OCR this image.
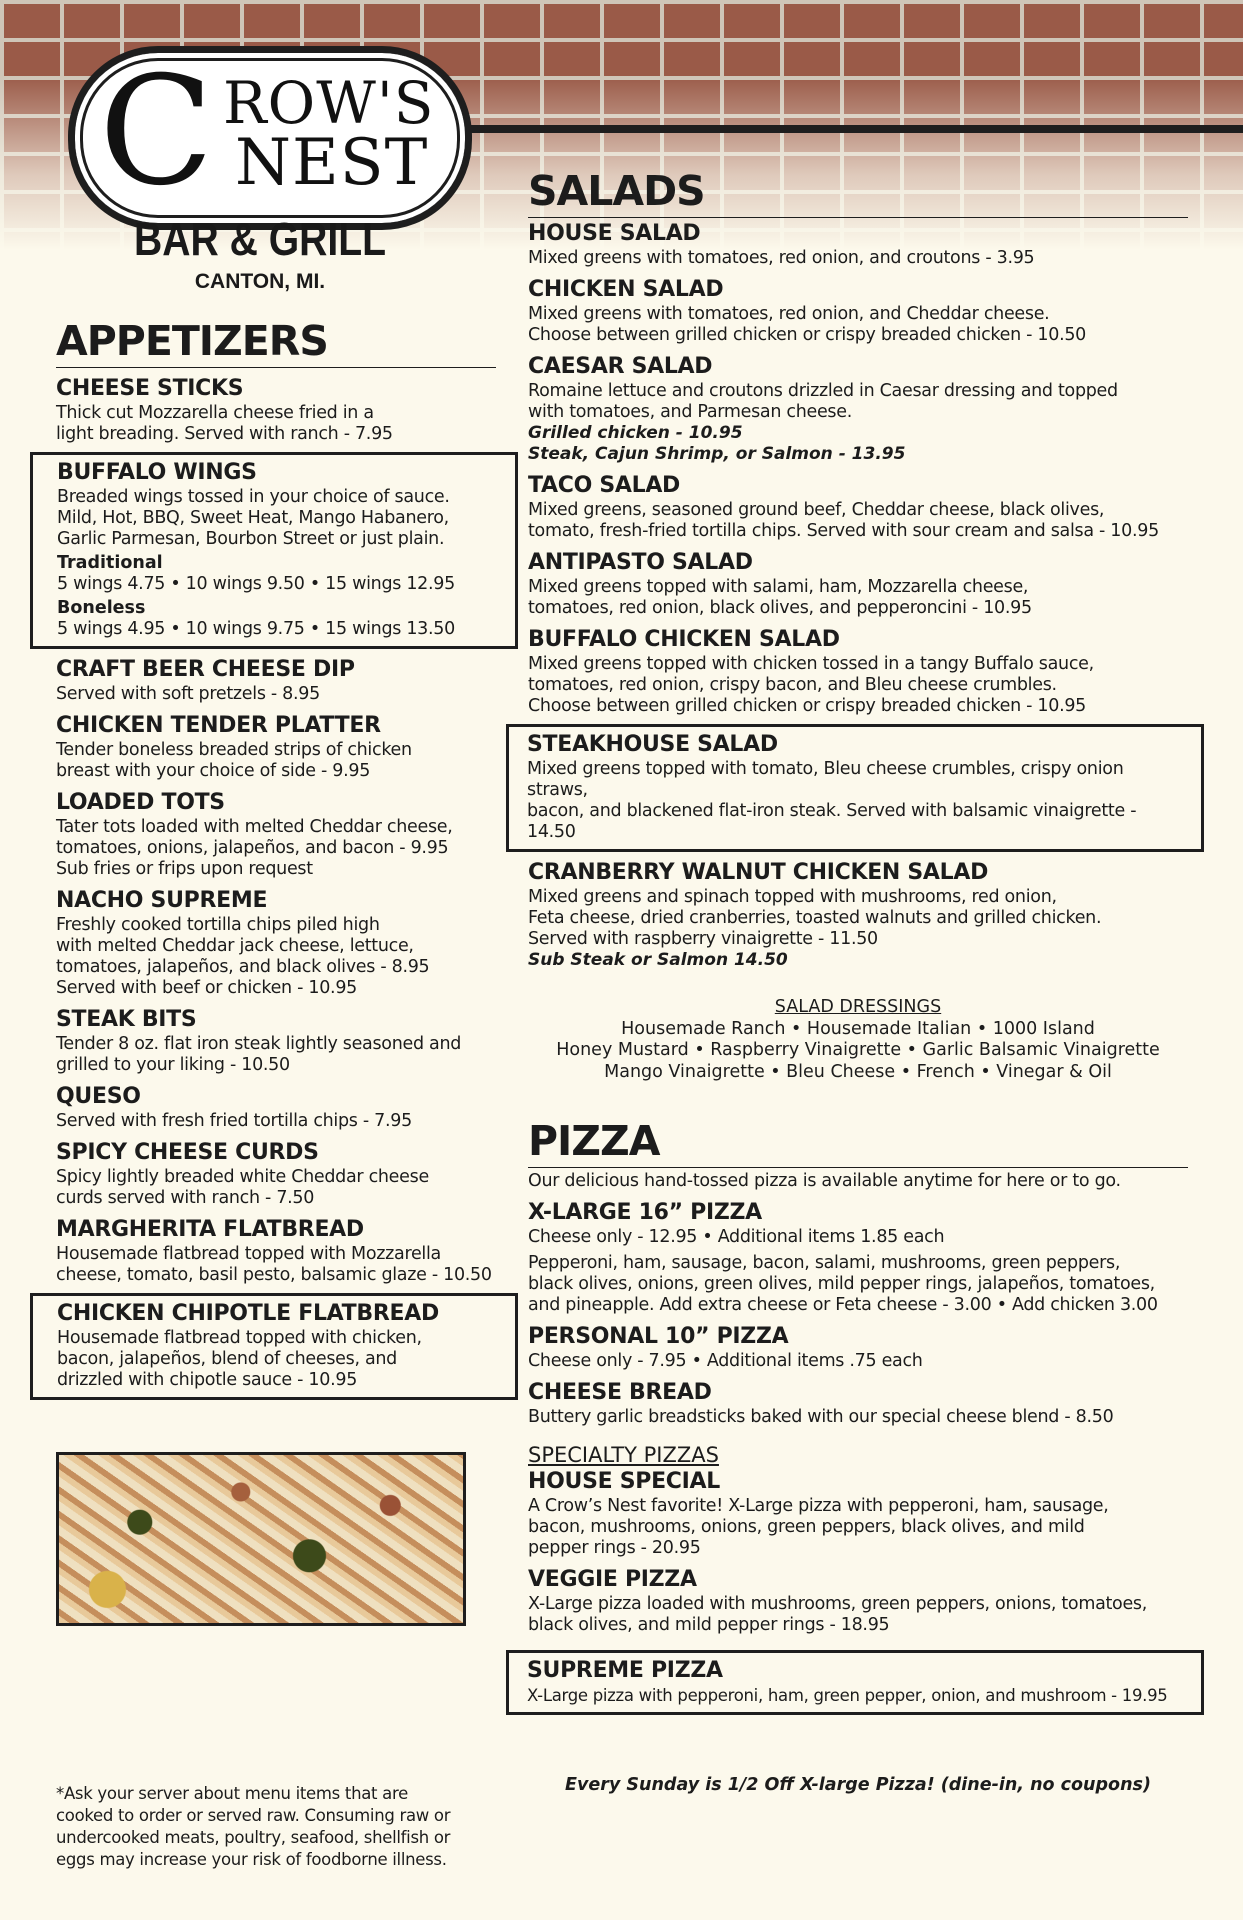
C ROW'S
NEST
BAR & GRILL
CANTON, MI.
APPETIZERS
CHEESE STICKS
Thick cut Mozzarella cheese fried in a
light breading. Served with ranch - 7.95
BUFFALO WINGS
Breaded wings tossed in your choice of sauce.
Mild, Hot, BBQ, Sweet Heat, Mango Habanero,
Garlic Parmesan, Bourbon Street or just plain.
Traditional
5 wings 4.75 • 10 wings 9.50 • 15 wings 12.95
Boneless
5 wings 4.95 • 10 wings 9.75 • 15 wings 13.50
CRAFT BEER CHEESE DIP
Served with soft pretzels - 8.95
CHICKEN TENDER PLATTER
Tender boneless breaded strips of chicken
breast with your choice of side - 9.95
LOADED TOTS
Tater tots loaded with melted Cheddar cheese,
tomatoes, onions, jalapeños, and bacon - 9.95
Sub fries or frips upon request
NACHO SUPREME
Freshly cooked tortilla chips piled high
with melted Cheddar jack cheese, lettuce,
tomatoes, jalapeños, and black olives - 8.95
Served with beef or chicken - 10.95
STEAK BITS
Tender 8 oz. flat iron steak lightly seasoned and
grilled to your liking - 10.50
QUESO
Served with fresh fried tortilla chips - 7.95
SPICY CHEESE CURDS
Spicy lightly breaded white Cheddar cheese
curds served with ranch - 7.50
MARGHERITA FLATBREAD
Housemade flatbread topped with Mozzarella
cheese, tomato, basil pesto, balsamic glaze - 10.50
CHICKEN CHIPOTLE FLATBREAD
Housemade flatbread topped with chicken,
bacon, jalapeños, blend of cheeses, and
drizzled with chipotle sauce - 10.95
*Ask your server about menu items that are
cooked to order or served raw. Consuming raw or
undercooked meats, poultry, seafood, shellfish or
eggs may increase your risk of foodborne illness.
SALADS
HOUSE SALAD
Mixed greens with tomatoes, red onion, and croutons - 3.95
CHICKEN SALAD
Mixed greens with tomatoes, red onion, and Cheddar cheese.
Choose between grilled chicken or crispy breaded chicken - 10.50
CAESAR SALAD
Romaine lettuce and croutons drizzled in Caesar dressing and topped
with tomatoes, and Parmesan cheese.
Grilled chicken - 10.95
Steak, Cajun Shrimp, or Salmon - 13.95
TACO SALAD
Mixed greens, seasoned ground beef, Cheddar cheese, black olives,
tomato, fresh-fried tortilla chips. Served with sour cream and salsa - 10.95
ANTIPASTO SALAD
Mixed greens topped with salami, ham, Mozzarella cheese,
tomatoes, red onion, black olives, and pepperoncini - 10.95
BUFFALO CHICKEN SALAD
Mixed greens topped with chicken tossed in a tangy Buffalo sauce,
tomatoes, red onion, crispy bacon, and Bleu cheese crumbles.
Choose between grilled chicken or crispy breaded chicken - 10.95
STEAKHOUSE SALAD
Mixed greens topped with tomato, Bleu cheese crumbles, crispy onion straws,
bacon, and blackened flat-iron steak. Served with balsamic vinaigrette - 14.50
CRANBERRY WALNUT CHICKEN SALAD
Mixed greens and spinach topped with mushrooms, red onion,
Feta cheese, dried cranberries, toasted walnuts and grilled chicken.
Served with raspberry vinaigrette - 11.50
Sub Steak or Salmon 14.50
SALAD DRESSINGS
Housemade Ranch • Housemade Italian • 1000 Island
Honey Mustard • Raspberry Vinaigrette • Garlic Balsamic Vinaigrette
Mango Vinaigrette • Bleu Cheese • French • Vinegar & Oil
PIZZA
Our delicious hand-tossed pizza is available anytime for here or to go.
X-LARGE 16” PIZZA
Cheese only - 12.95 • Additional items 1.85 each
Pepperoni, ham, sausage, bacon, salami, mushrooms, green peppers,
black olives, onions, green olives, mild pepper rings, jalapeños, tomatoes,
and pineapple. Add extra cheese or Feta cheese - 3.00 • Add chicken 3.00
PERSONAL 10” PIZZA
Cheese only - 7.95 • Additional items .75 each
CHEESE BREAD
Buttery garlic breadsticks baked with our special cheese blend - 8.50
SPECIALTY PIZZAS
HOUSE SPECIAL
A Crow’s Nest favorite! X-Large pizza with pepperoni, ham, sausage,
bacon, mushrooms, onions, green peppers, black olives, and mild
pepper rings - 20.95
VEGGIE PIZZA
X-Large pizza loaded with mushrooms, green peppers, onions, tomatoes,
black olives, and mild pepper rings - 18.95
SUPREME PIZZA
X-Large pizza with pepperoni, ham, green pepper, onion, and mushroom - 19.95
Every Sunday is 1/2 Off X-large Pizza! (dine-in, no coupons)
